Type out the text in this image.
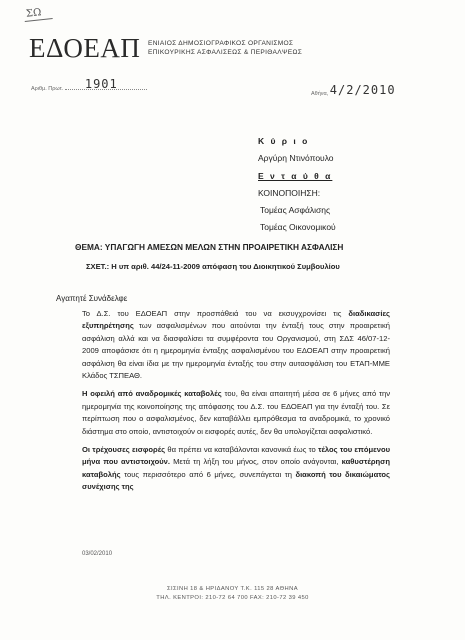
ΣΩ
ΕΔΟΕΑΠ ΕΝΙΑΙΟΣ ΔΗΜΟΣΙΟΓΡΑΦΙΚΟΣ ΟΡΓΑΝΙΣΜΟΣ
ΕΠΙΚΟΥΡΙΚΗΣ ΑΣΦΑΛΙΣΕΩΣ & ΠΕΡΙΘΑΛΨΕΩΣ
Αριθμ. Πρωτ. 1901
Αθήνα, 4/2/2010
Κ ύ ρ ι ο
Αργύρη Ντινόπουλο
Ε ν τ α ύ θ α
ΚΟΙΝΟΠΟΙΗΣΗ:
Τομέας Ασφάλισης
Τομέας Οικονομικού
ΘΕΜΑ: ΥΠΑΓΩΓΗ ΑΜΕΣΩΝ ΜΕΛΩΝ ΣΤΗΝ ΠΡΟΑΙΡΕΤΙΚΗ ΑΣΦΑΛΙΣΗ
ΣΧΕΤ.: Η υπ αριθ. 44/24-11-2009 απόφαση του Διοικητικού Συμβουλίου
Αγαπητέ Συνάδελφε

Το Δ.Σ. του ΕΔΟΕΑΠ στην προσπάθειά του να εκσυγχρονίσει τις διαδικασίες εξυπηρέτησης των ασφαλισμένων που αιτούνται την ένταξή τους στην προαιρετική ασφάλιση αλλά και να διασφαλίσει τα συμφέροντα του Οργανισμού, στη ΣΔΣ 46/07-12-2009 αποφάσισε ότι η ημερομηνία ένταξης ασφαλισμένου του ΕΔΟΕΑΠ στην προαιρετική ασφάλιση θα είναι ίδια με την ημερομηνία ένταξής του στην αυτασφάλιση του ΕΤΑΠ-ΜΜΕ Κλάδος ΤΣΠΕΑΘ.

Η οφειλή από αναδρομικές καταβολές του, θα είναι απαιτητή μέσα σε 6 μήνες από την ημερομηνία της κοινοποίησης της απόφασης του Δ.Σ. του ΕΔΟΕΑΠ για την ένταξή του. Σε περίπτωση που ο ασφαλισμένος, δεν καταβάλλει εμπρόθεσμα τα αναδρομικά, το χρονικό διάστημα στο οποίο, αντιστοιχούν οι εισφορές αυτές, δεν θα υπολογίζεται ασφαλιστικό.

Οι τρέχουσες εισφορές θα πρέπει να καταβάλονται κανονικά έως το τέλος του επόμενου μήνα που αντιστοιχούν. Μετά τη λήξη του μήνος, στον οποίο ανάγονται, καθυστέρηση καταβολής τους περισσότερο από 6 μήνες, συνεπάγεται τη διακοπή του δικαιώματος συνέχισης της

03/02/2010
ΣΙΣΙΝΗ 18 & ΗΡΙΔΑΝΟΥ Τ.Κ. 115 28 ΑΘΗΝΑ
ΤΗΛ. ΚΕΝΤΡΟΙ: 210-72 64 700 FAX: 210-72 39 450
